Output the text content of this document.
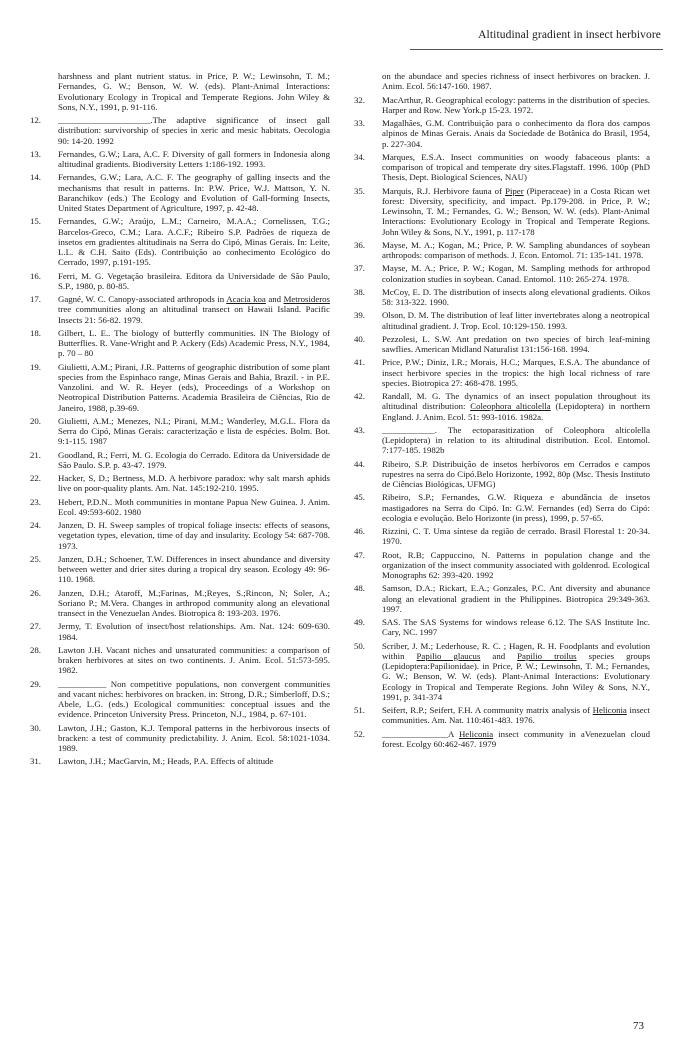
Altitudinal gradient in insect herbivore
harshness and plant nutrient status. in Price, P. W.; Lewinsohn, T. M.; Fernandes, G. W.; Benson, W. W. (eds). Plant-Animal Interactions: Evolutionary Ecology in Tropical and Temperate Regions. John Wiley & Sons, N.Y., 1991, p. 91-116.
12.	_____________________.The adaptive significance of insect gall distribution: survivorship of species in xeric and mesic habitats. Oecologia 90: 14-20. 1992
13.	Fernandes, G.W.; Lara, A.C. F. Diversity of gall formers in Indonesia along altitudinal gradients. Biodiversity Letters 1:186-192. 1993.
14.	Fernandes, G.W.; Lara, A.C. F. The geography of galling insects and the mechanisms that result in patterns. In: P.W. Price, W.J. Mattson, Y. N. Baranchikov (eds.) The Ecology and Evolution of Gall-forming Insects, United States Department of Agriculture, 1997, p. 42-48.
15.	Fernandes, G.W.; Araújo, L.M.; Carneiro, M.A.A.; Cornelissen, T.G.; Barcelos-Greco, C.M.; Lara. A.C.F.; Ribeiro S.P. Padrões de riqueza de insetos em gradientes altitudinais na Serra do Cipó, Minas Gerais. In: Leite, L.L. & C.H. Saito (Eds). Contribuição ao conhecimento Ecológico do Cerrado, 1997, p.191-195.
16.	Ferri, M. G. Vegetação brasileira. Editora da Universidade de São Paulo, S.P., 1980, p. 80-85.
17.	Gagné, W. C. Canopy-associated arthropods in Acacia koa and Metrosideros tree communities along an altitudinal transect on Hawaii Island. Pacific Insects 21: 56-82. 1979.
18.	Gilbert, L. E.. The biology of butterfly communities. IN The Biology of Butterflies. R. Vane-Wright and P. Ackery (Eds) Academic Press, N.Y., 1984, p. 70 – 80
19.	Giulietti, A.M.; Pirani, J.R. Patterns of geographic distribution of some plant species from the Espinhaco range, Minas Gerais and Bahia, Brazil. - in P.E. Vanzolini. and W. R. Heyer (eds), Proceedings of a Workshop on Neotropical Distribution Patterns. Academia Brasileira de Ciências, Rio de Janeiro, 1988, p.39-69.
20.	Giulietti, A.M.; Menezes, N.L; Pirani, M.M.; Wanderley, M.G.L. Flora da Serra do Cipó, Minas Gerais: caracterização e lista de espécies. Bolm. Bot. 9:1-115. 1987
21.	Goodland, R.; Ferri, M. G. Ecologia do Cerrado. Editora da Universidade de São Paulo. S.P. p. 43-47. 1979.
22.	Hacker, S, D.; Bertness, M.D. A herbivore paradox: why salt marsh aphids live on poor-quality plants. Am. Nat. 145:192-210. 1995.
23.	Hebert, P.D.N.. Moth communities in montane Papua New Guinea. J. Anim. Ecol. 49:593-602. 1980
24.	Janzen, D. H. Sweep samples of tropical foliage insects: effects of seasons, vegetation types, elevation, time of day and insularity. Ecology 54: 687-708. 1973.
25.	Janzen, D.H.; Schoener, T.W. Differences in insect abundance and diversity between wetter and drier sites during a tropical dry season. Ecology 49: 96-110. 1968.
26.	Janzen, D.H.; Ataroff, M.;Farinas, M.;Reyes, S.;Rincon, N; Soler, A.; Soriano P.; M.Vera. Changes in arthropod community along an elevational transect in the Venezuelan Andes. Biotropica 8: 193-203. 1976.
27.	Jermy, T. Evolution of insect/host relationships. Am. Nat. 124: 609-630. 1984.
28.	Lawton J.H. Vacant niches and unsaturated communities: a comparison of braken herbivores at sites on two continents. J. Anim. Ecol. 51:573-595. 1982.
29.	___________ Non competitive populations, non convergent communities and vacant niches: herbivores on bracken. in: Strong, D.R.; Simberloff, D.S.; Abele, L.G. (eds.) Ecological communities: conceptual issues and the evidence. Princeton University Press. Princeton, N.J., 1984, p. 67-101.
30.	Lawton, J.H.; Gaston, K.J. Temporal patterns in the herbivorous insects of bracken: a test of community predictability. J. Anim. Ecol. 58:1021-1034. 1989.
31.	Lawton, J.H.; MacGarvin, M.; Heads, P.A. Effects of altitude
on the abundace and species richness of insect herbivores on bracken. J. Anim. Ecol. 56:147-160. 1987.
32.	MacArthur, R. Geographical ecology: patterns in the distribution of species. Harper and Row. New York.p 15-23. 1972.
33.	Magalhães, G.M. Contribuição para o conhecimento da flora dos campos alpinos de Minas Gerais. Anais da Sociedade de Botânica do Brasil, 1954, p. 227-304.
34.	Marques, E.S.A. Insect communities on woody fabaceous plants: a comparison of tropical and temperate dry sites.Flagstaff. 1996. 100p (PhD Thesis, Dept. Biological Sciences, NAU)
35.	Marquis, R.J. Herbivore fauna of Piper (Piperaceae) in a Costa Rican wet forest: Diversity, specificity, and impact. Pp.179-208. in Price, P. W.; Lewinsohn, T. M.; Fernandes, G. W.; Benson, W. W. (eds). Plant-Animal Interactions: Evolutionary Ecology in Tropical and Temperate Regions. John Wiley & Sons, N.Y., 1991, p. 117-178
36.	Mayse, M. A.; Kogan, M.; Price, P. W. Sampling abundances of soybean arthropods: comparison of methods. J. Econ. Entomol. 71: 135-141. 1978.
37.	Mayse, M. A.; Price, P. W.; Kogan, M. Sampling methods for arthropod colonization studies in soybean. Canad. Entomol. 110: 265-274. 1978.
38.	McCoy, E. D. The distribution of insects along elevational gradients. Oikos 58: 313-322. 1990.
39.	Olson, D. M. The distribution of leaf litter invertebrates along a neotropical altitudinal gradient. J. Trop. Ecol. 10:129-150. 1993.
40.	Pezzolesi, L. S.W. Ant predation on two species of birch leaf-mining sawflies. American Midland Naturalist 131:156-168. 1994.
41.	Price, P.W.; Diniz, I.R.; Morais, H.C.; Marques, E.S.A. The abundance of insect herbivore species in the tropics: the high local richness of rare species. Biotropica 27: 468-478. 1995.
42.	Randall, M. G. The dynamics of an insect population throughout its altitudinal distribution: Coleophora alticolella (Lepidoptera) in northern England. J. Anim. Ecol. 51: 993-1016. 1982a.
43.	____________. The ectoparasitization of Coleophora alticolella (Lepidoptera) in relation to its altitudinal distribution. Ecol. Entomol. 7:177-185. 1982b
44.	Ribeiro, S.P. Distribuição de insetos herbívoros em Cerrados e campos rupestres na serra do Cipó.Belo Horizonte, 1992, 80p (Msc. Thesis Instituto de Ciências Biológicas, UFMG)
45.	Ribeiro, S.P.; Fernandes, G.W. Riqueza e abundância de insetos mastigadores na Serra do Cipó. In: G.W. Fernandes (ed) Serra do Cipó: ecologia e evolução. Belo Horizonte (in press), 1999, p. 57-65.
46.	Rizzini, C. T. Uma síntese da região de cerrado. Brasil Florestal 1: 20-34. 1970.
47.	Root, R.B; Cappuccino, N. Patterns in population change and the organization of the insect community associated with goldenrod. Ecological Monographs 62: 393-420. 1992
48.	Samson, D.A.; Rickart, E.A.; Gonzales, P.C. Ant diversity and abunance along an elevational gradient in the Philippines. Biotropica 29:349-363. 1997.
49.	SAS. The SAS Systems for windows release 6.12. The SAS Institute Inc. Cary, NC. 1997
50.	Scriber, J. M.; Lederhouse, R. C. ; Hagen, R. H. Foodplants and evolution within Papilio glaucus and Papilio troilus species groups (Lepidoptera:Papilionidae). in Price, P. W.; Lewinsohn, T. M.; Fernandes, G. W.; Benson, W. W. (eds). Plant-Animal Interactions: Evolutionary Ecology in Tropical and Temperate Regions. John Wiley & Sons, N.Y., 1991, p. 341-374
51.	Seifert, R.P.; Seifert, F.H. A community matrix analysis of Heliconia insect communities. Am. Nat. 110:461-483. 1976.
52.	_______________A Heliconia insect community in aVenezuelan cloud forest. Ecolgy 60:462-467. 1979
73
